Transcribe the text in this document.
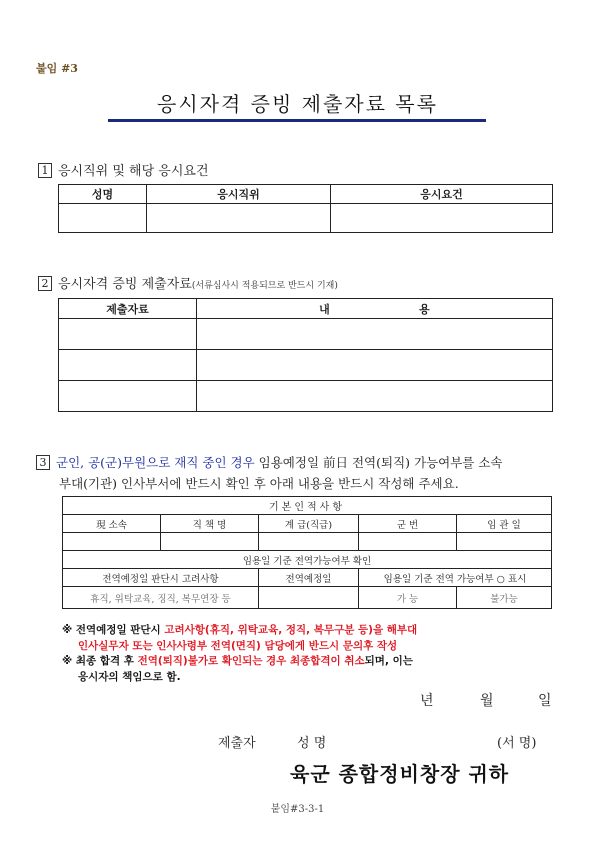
붙임 #3
응시자격 증빙 제출자료 목록
1 응시직위 및 해당 응시요건
성명	응시직위	응시요건

2 응시자격 증빙 제출자료(서류심사시 적용되므로 반드시 기재)
제출자료	내 용

3 군인, 공(군)무원으로 재직 중인 경우 임용예정일 前日 전역(퇴직) 가능여부를 소속
부대(기관) 인사부서에 반드시 확인 후 아래 내용을 반드시 작성해 주세요.
기본인적사항				
現 소속	직 책 명	계 급(직급)	군 번	임 관 일

임용일 기준 전역가능여부 확인				
전역예정일 판단시 고려사항		전역예정일	임용일 기준 전역 가능여부 ○ 표시	
휴직, 위탁교육, 징직, 복무연장 등			가 능	불가능
※ 전역예정일 판단시 고려사항(휴직, 위탁교육, 정직, 복무구분 등)을 해부대
인사실무자 또는 인사사령부 전역(면직) 담당에게 반드시 문의후 작성
※ 최종 합격 후 전역(퇴직)불가로 확인되는 경우 최종합격이 취소되며, 이는
응시자의 책임으로 함.
년	월	일
제출자	성 명	(서 명)
육군 종합정비창장 귀하
붙임#3-3-1
